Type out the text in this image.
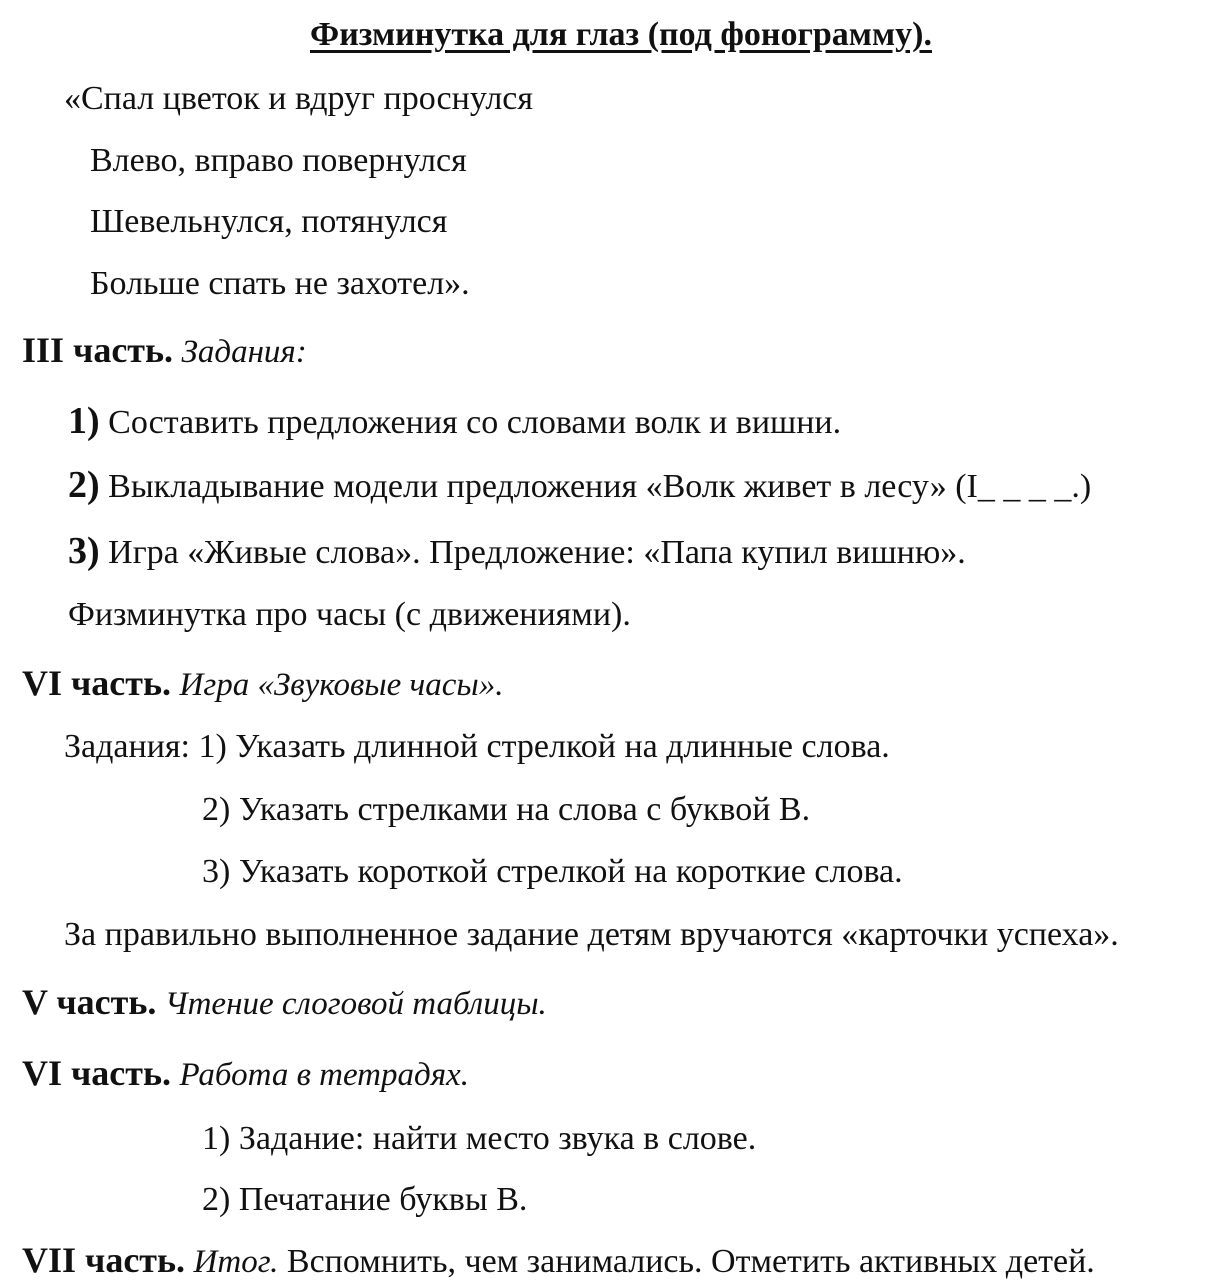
Физминутка для глаз (под фонограмму).
«Спал цветок и вдруг проснулся
Влево, вправо повернулся
Шевельнулся, потянулся
Больше спать не захотел».
III часть. Задания:
1) Составить предложения со словами волк и вишни.
2) Выкладывание модели предложения «Волк живет в лесу» (I_ _ _ _.)
3) Игра «Живые слова». Предложение: «Папа купил вишню».
Физминутка про часы (с движениями).
VI часть. Игра «Звуковые часы».
Задания: 1) Указать длинной стрелкой на длинные слова.
2) Указать стрелками на слова с буквой В.
3) Указать короткой стрелкой на короткие слова.
За правильно выполненное задание детям вручаются «карточки успеха».
V часть. Чтение слоговой таблицы.
VI часть. Работа в тетрадях.
1) Задание: найти место звука в слове.
2) Печатание буквы В.
VII часть. Итог. Вспомнить, чем занимались. Отметить активных детей.
